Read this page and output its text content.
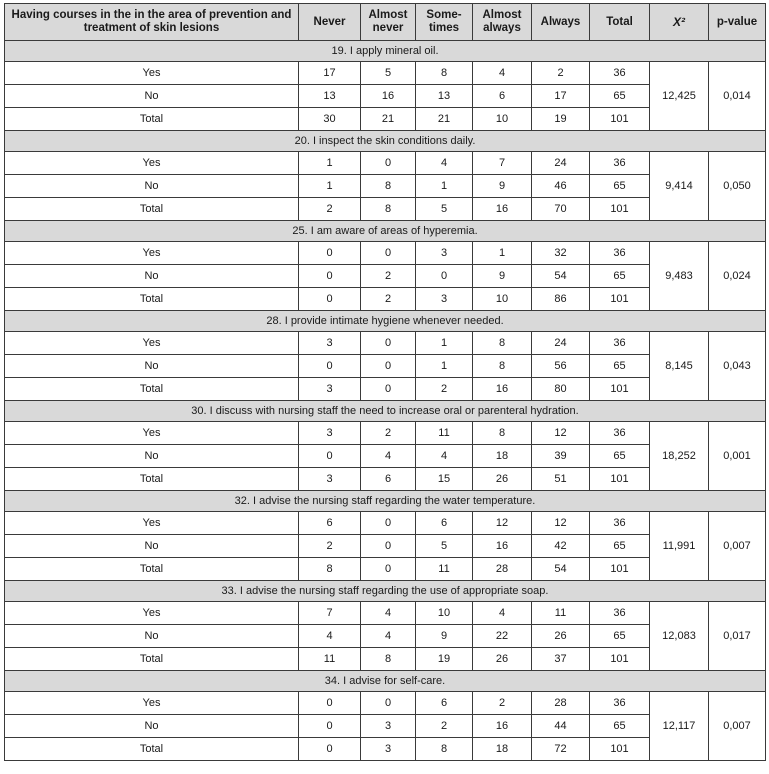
Having courses in the in the area of prevention and treatment of skin lesions	Never	Almost never	Some-times	Almost always	Always	Total	X²	p-value
19. I apply mineral oil.								
Yes	17	5	8	4	2	36	12,425	0,014
No	13	16	13	6	17	65		
Total	30	21	21	10	19	101		
20. I inspect the skin conditions daily.								
Yes	1	0	4	7	24	36	9,414	0,050
No	1	8	1	9	46	65		
Total	2	8	5	16	70	101		
25. I am aware of areas of hyperemia.								
Yes	0	0	3	1	32	36	9,483	0,024
No	0	2	0	9	54	65		
Total	0	2	3	10	86	101		
28. I provide intimate hygiene whenever needed.								
Yes	3	0	1	8	24	36	8,145	0,043
No	0	0	1	8	56	65		
Total	3	0	2	16	80	101		
30. I discuss with nursing staff the need to increase oral or parenteral hydration.								
Yes	3	2	11	8	12	36	18,252	0,001
No	0	4	4	18	39	65		
Total	3	6	15	26	51	101		
32. I advise the nursing staff regarding the water temperature.								
Yes	6	0	6	12	12	36	11,991	0,007
No	2	0	5	16	42	65		
Total	8	0	11	28	54	101		
33. I advise the nursing staff regarding the use of appropriate soap.								
Yes	7	4	10	4	11	36	12,083	0,017
No	4	4	9	22	26	65		
Total	11	8	19	26	37	101		
34. I advise for self-care.								
Yes	0	0	6	2	28	36	12,117	0,007
No	0	3	2	16	44	65		
Total	0	3	8	18	72	101		
